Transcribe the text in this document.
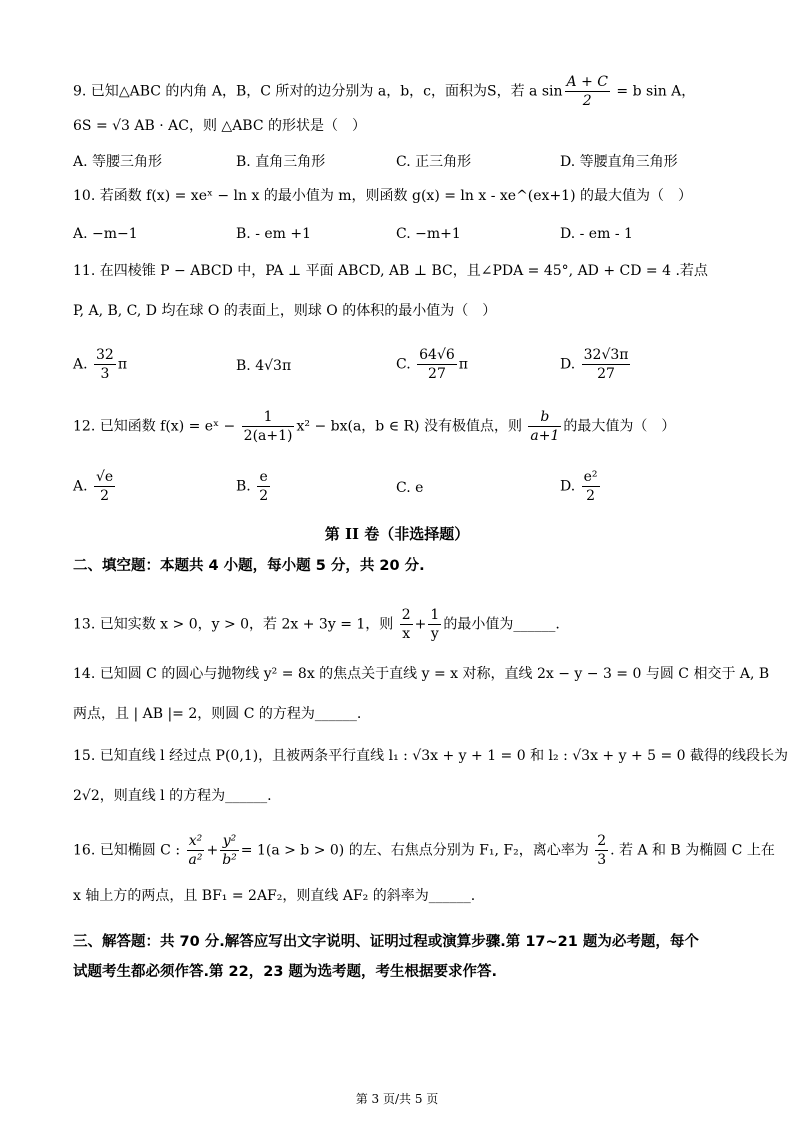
9. 已知△ABC 的内角 A，B，C 所对的边分别为 a，b，c，面积为S，若 a $\sin \frac{A + C}{2} = b$ sin A，
6S = √3 AB · AC，则 △ABC 的形状是（　）
A. 等腰三角形	B. 直角三角形	C. 正三角形	D. 等腰直角三角形
10. 若函数 f(x) = xeˣ − ln x 的最小值为 m，则函数 g(x) = ln x - xe^(ex+1) 的最大值为（　）
A. −m−1	B. - em +1	C. −m+1	D. - em - 1
11. 在四棱锥 P − ABCD 中，PA ⊥ 平面 ABCD, AB ⊥ BC，且∠PDA = 45°, AD + CD = 4 .若点
P, A, B, C, D 均在球 O 的表面上，则球 O 的体积的最小值为（　）
A. $\frac{32}{3}$ π	B. 4√3π	C. $\frac{64√6}{27}$ π	D. $\frac{32√3\pi}{27}$
12. 已知函数 f(x) = eˣ − $\frac{1}{2(a+1)} x^2 - bx(a$，b ∈ R) 没有极值点，则 $\frac{b}{a+1}$ 的最大值为（　）
A. $\frac{√e}{2}$	B. $\frac{e}{2}$	C. e	D. $\frac{\text{e²}}{2}$
第 II 卷（非选择题）
二、填空题：本题共 4 小题，每小题 5 分，共 20 分.
13. 已知实数 x > 0，y > 0，若 2x + 3y = 1，则 $\frac{2}{x} + \frac{1}{y}$ 的最小值为______.
14. 已知圆 C 的圆心与抛物线 y² = 8x 的焦点关于直线 y = x 对称，直线 2x − y − 3 = 0 与圆 C 相交于 A, B
两点，且 | AB |= 2，则圆 C 的方程为______.
15. 已知直线 l 经过点 P(0,1)，且被两条平行直线 l₁ : √3x + y + 1 = 0 和 l₂ : √3x + y + 5 = 0 截得的线段长为
2√2，则直线 l 的方程为______.
16. 已知椭圆 C : $\frac{\text{x²}}{\text{a²}} + \frac{\text{y²}}{\text{b²}} = 1(a > b > 0)$ 的左、右焦点分别为 F₁, F₂，离心率为 $\frac{2}{3}$ . 若 A 和 B 为椭圆 C 上在
x 轴上方的两点，且 BF₁ = 2AF₂，则直线 AF₂ 的斜率为______.
三、解答题：共 70 分.解答应写出文字说明、证明过程或演算步骤.第 17~21 题为必考题，每个
试题考生都必须作答.第 22，23 题为选考题，考生根据要求作答.
第 3 页/共 5 页
